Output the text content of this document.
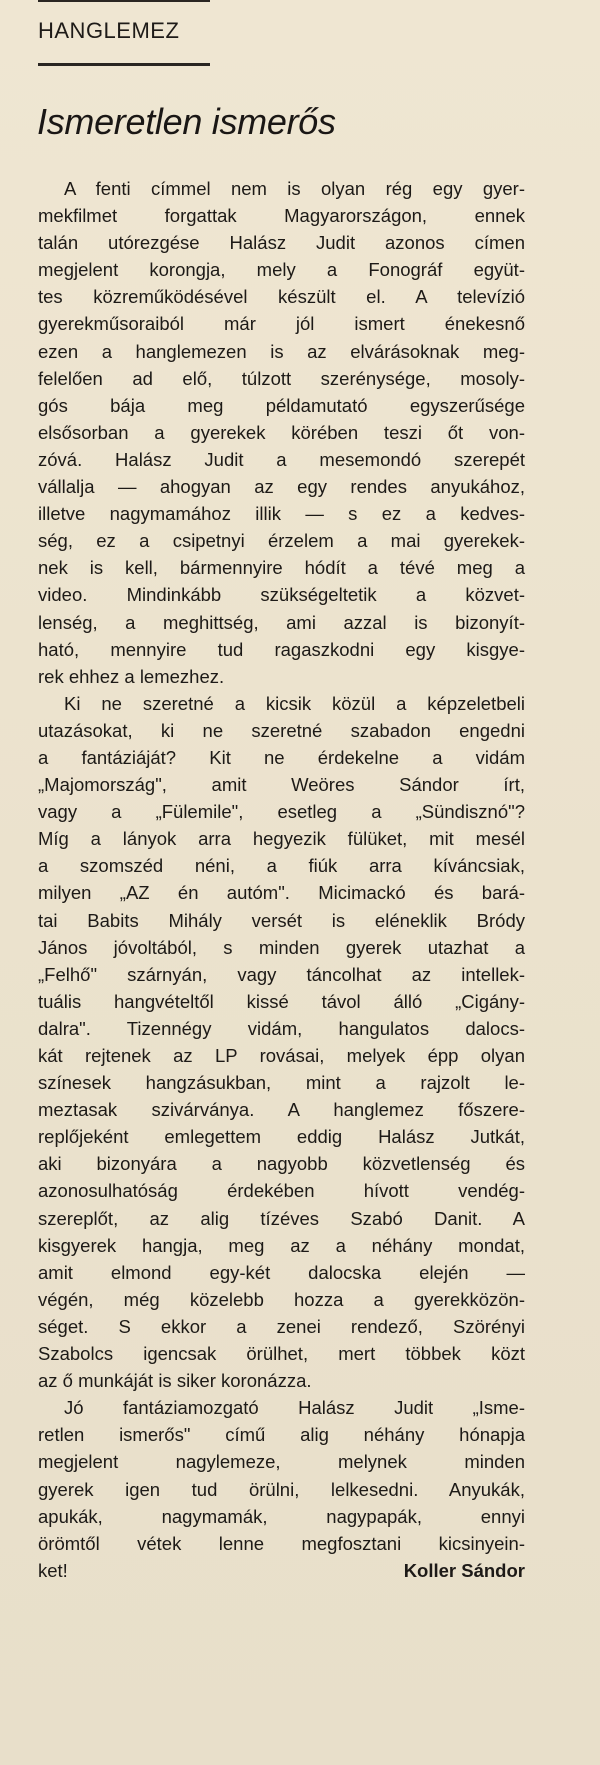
HANGLEMEZ
Ismeretlen ismerős
A fenti címmel nem is olyan rég egy gyer-
mekfilmet forgattak Magyarországon, ennek
talán utórezgése Halász Judit azonos címen
megjelent korongja, mely a Fonográf együt-
tes közreműködésével készült el. A televízió
gyerekműsoraiból már jól ismert énekesnő
ezen a hanglemezen is az elvárásoknak meg-
felelően ad elő, túlzott szerénysége, mosoly-
gós bája meg példamutató egyszerűsége
elsősorban a gyerekek körében teszi őt von-
zóvá. Halász Judit a mesemondó szerepét
vállalja — ahogyan az egy rendes anyukához,
illetve nagymamához illik — s ez a kedves-
ség, ez a csipetnyi érzelem a mai gyerekek-
nek is kell, bármennyire hódít a tévé meg a
video. Mindinkább szükségeltetik a közvet-
lenség, a meghittség, ami azzal is bizonyít-
ható, mennyire tud ragaszkodni egy kisgye-
rek ehhez a lemezhez.
Ki ne szeretné a kicsik közül a képzeletbeli
utazásokat, ki ne szeretné szabadon engedni
a fantáziáját? Kit ne érdekelne a vidám
„Majomország", amit Weöres Sándor írt,
vagy a „Fülemile", esetleg a „Sündisznó"?
Míg a lányok arra hegyezik fülüket, mit mesél
a szomszéd néni, a fiúk arra kíváncsiak,
milyen „AZ én autóm". Micimackó és bará-
tai Babits Mihály versét is eléneklik Bródy
János jóvoltából, s minden gyerek utazhat a
„Felhő" szárnyán, vagy táncolhat az intellek-
tuális hangvételtől kissé távol álló „Cigány-
dalra". Tizennégy vidám, hangulatos dalocs-
kát rejtenek az LP rovásai, melyek épp olyan
színesek hangzásukban, mint a rajzolt le-
meztasak szivárványa. A hanglemez főszere-
replőjeként emlegettem eddig Halász Jutkát,
aki bizonyára a nagyobb közvetlenség és
azonosulhatóság érdekében hívott vendég-
szereplőt, az alig tízéves Szabó Danit. A
kisgyerek hangja, meg az a néhány mondat,
amit elmond egy-két dalocska elején —
végén, még közelebb hozza a gyerekközön-
séget. S ekkor a zenei rendező, Szörényi
Szabolcs igencsak örülhet, mert többek közt
az ő munkáját is siker koronázza.
Jó fantáziamozgató Halász Judit „Isme-
retlen ismerős" című alig néhány hónapja
megjelent nagylemeze, melynek minden
gyerek igen tud örülni, lelkesedni. Anyukák,
apukák, nagymamák, nagypapák, ennyi
örömtől vétek lenne megfosztani kicsinyein-
ket!	Koller Sándor
